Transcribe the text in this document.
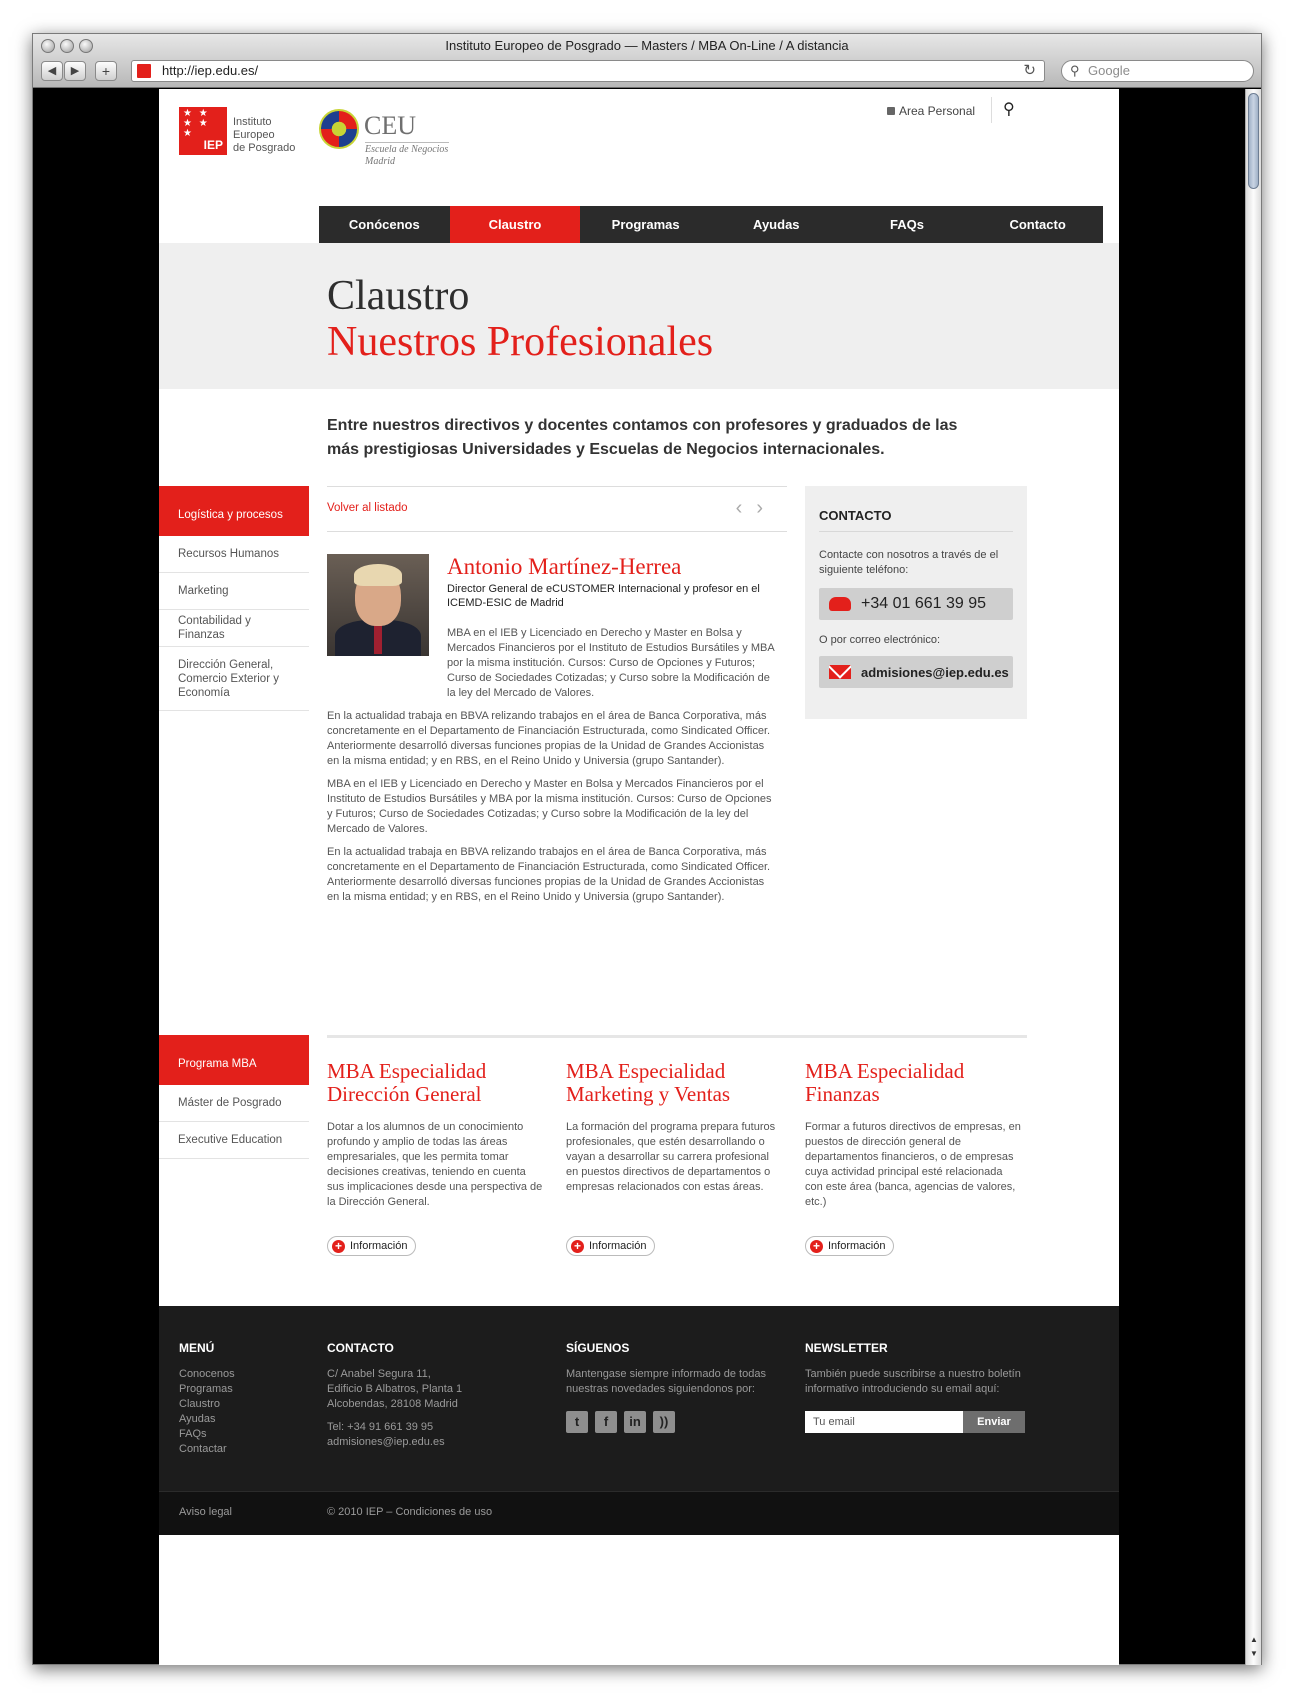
Instituto Europeo de Posgrado — Masters / MBA On-Line / A distancia
◀	▶	+	http://iep.edu.es/	↻	⚲ Google
▲
▼
★ ★
★ ★
★
IEP
Instituto
Europeo
de Posgrado
CEU
Escuela de Negocios
Madrid
Area Personal ⚲
Conócenos	Claustro	Programas	Ayudas	FAQs	Contacto
Claustro
Nuestros Profesionales
Entre nuestros directivos y docentes contamos con profesores y graduados de las más prestigiosas Universidades y Escuelas de Negocios internacionales.
Logística y procesos
Recursos Humanos
Marketing
Contabilidad y Finanzas
Dirección General, Comercio Exterior y Economía
Volver al listado	‹›
Antonio Martínez-Herrea
Director General de eCUSTOMER Internacional y profesor en el ICEMD-ESIC de Madrid

MBA en el IEB y Licenciado en Derecho y Master en Bolsa y Mercados Financieros por el Instituto de Estudios Bursátiles y MBA por la misma institución. Cursos: Curso de Opciones y Futuros; Curso de Sociedades Cotizadas; y Curso sobre la Modificación de la ley del Mercado de Valores.

En la actualidad trabaja en BBVA relizando trabajos en el área de Banca Corporativa, más concretamente en el Departamento de Financiación Estructurada, como Sindicated Officer. Anteriormente desarrolló diversas funciones propias de la Unidad de Grandes Accionistas en la misma entidad; y en RBS, en el Reino Unido y Universia (grupo Santander).

MBA en el IEB y Licenciado en Derecho y Master en Bolsa y Mercados Financieros por el Instituto de Estudios Bursátiles y MBA por la misma institución. Cursos: Curso de Opciones y Futuros; Curso de Sociedades Cotizadas; y Curso sobre la Modificación de la ley del Mercado de Valores.

En la actualidad trabaja en BBVA relizando trabajos en el área de Banca Corporativa, más concretamente en el Departamento de Financiación Estructurada, como Sindicated Officer. Anteriormente desarrolló diversas funciones propias de la Unidad de Grandes Accionistas en la misma entidad; y en RBS, en el Reino Unido y Universia (grupo Santander).

CONTACTO
Contacte con nosotros a través de el siguiente teléfono:
+34 01 661 39 95
O por correo electrónico:
admisiones@iep.edu.es
Programa MBA
Máster de Posgrado
Executive Education
MBA Especialidad Dirección General
Dotar a los alumnos de un conocimiento profundo y amplio de todas las áreas empresariales, que les permita tomar decisiones creativas, teniendo en cuenta sus implicaciones desde una perspectiva de la Dirección General.
+ Información
MBA Especialidad Marketing y Ventas
La formación del programa prepara futuros profesionales, que estén desarrollando o vayan a desarrollar su carrera profesional en puestos directivos de departamentos o empresas relacionados con estas áreas.
+ Información
MBA Especialidad Finanzas
Formar a futuros directivos de empresas, en puestos de dirección general de departamentos financieros, o de empresas cuya actividad principal esté relacionada con este área (banca, agencias de valores, etc.)
+ Información
MENÚ
Conocenos
Programas
Claustro
Ayudas
FAQs
Contactar
CONTACTO
C/ Anabel Segura 11,
Edificio B Albatros, Planta 1
Alcobendas, 28108 Madrid
Tel: +34 91 661 39 95
admisiones@iep.edu.es
SÍGUENOS
Mantengase siempre informado de todas nuestras novedades siguiendonos por:
t	f	in	))
NEWSLETTER
También puede suscribirse a nuestro boletín informativo introduciendo su email aquí:
Tu email	Enviar
Aviso legal	© 2010 IEP – Condiciones de uso
